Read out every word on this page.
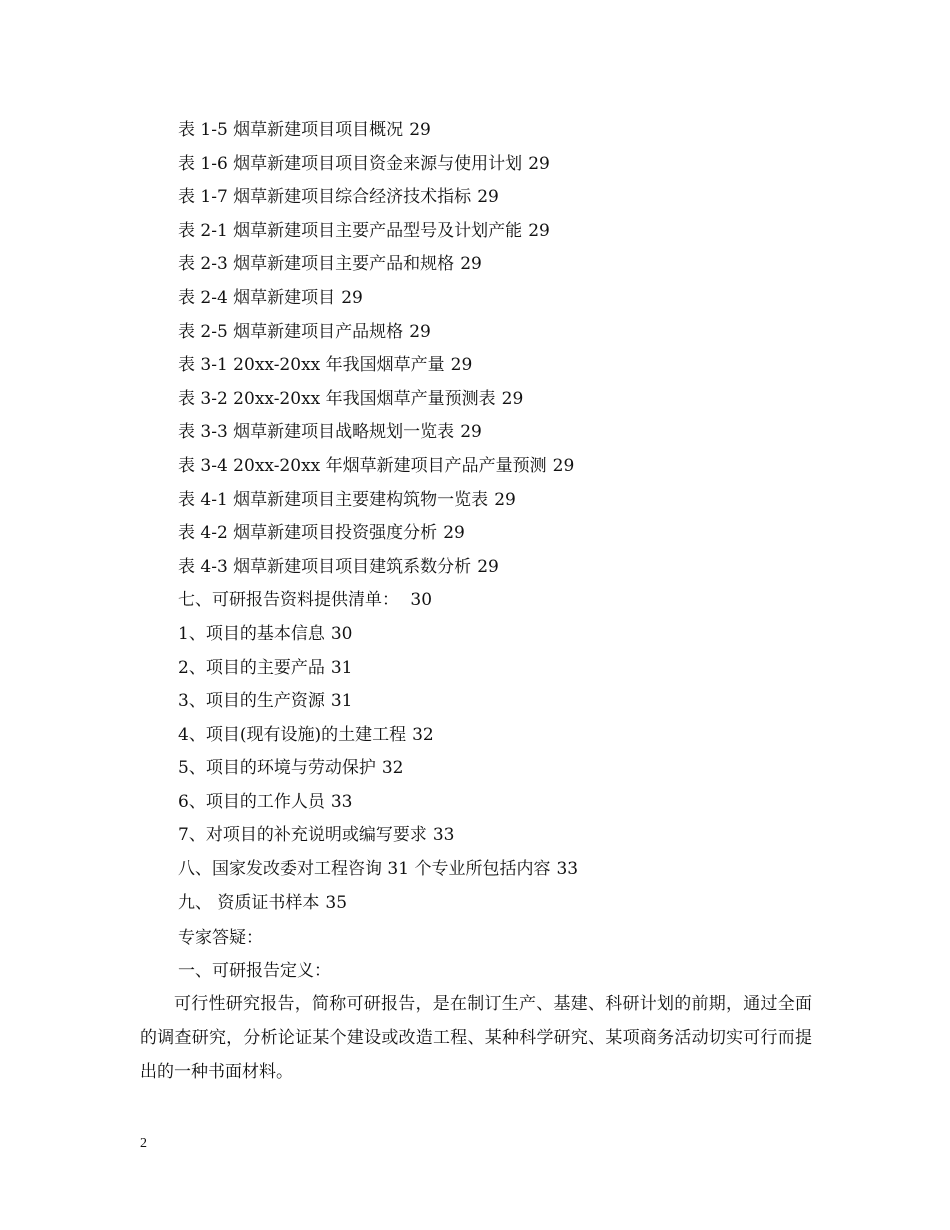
表 1-5 烟草新建项目项目概况 29
表 1-6 烟草新建项目项目资金来源与使用计划 29
表 1-7 烟草新建项目综合经济技术指标 29
表 2-1 烟草新建项目主要产品型号及计划产能 29
表 2-3 烟草新建项目主要产品和规格 29
表 2-4 烟草新建项目 29
表 2-5 烟草新建项目产品规格 29
表 3-1 20xx-20xx 年我国烟草产量 29
表 3-2 20xx-20xx 年我国烟草产量预测表 29
表 3-3 烟草新建项目战略规划一览表 29
表 3-4 20xx-20xx 年烟草新建项目产品产量预测 29
表 4-1 烟草新建项目主要建构筑物一览表 29
表 4-2 烟草新建项目投资强度分析 29
表 4-3 烟草新建项目项目建筑系数分析 29
七、可研报告资料提供清单： 30
1、项目的基本信息 30
2、项目的主要产品 31
3、项目的生产资源 31
4、项目(现有设施)的土建工程 32
5、项目的环境与劳动保护 32
6、项目的工作人员 33
7、对项目的补充说明或编写要求 33
八、国家发改委对工程咨询 31 个专业所包括内容 33
九、 资质证书样本 35
专家答疑：
一、可研报告定义：

可行性研究报告，简称可研报告，是在制订生产、基建、科研计划的前期，通过全面的调查研究，分析论证某个建设或改造工程、某种科学研究、某项商务活动切实可行而提出的一种书面材料。

2
